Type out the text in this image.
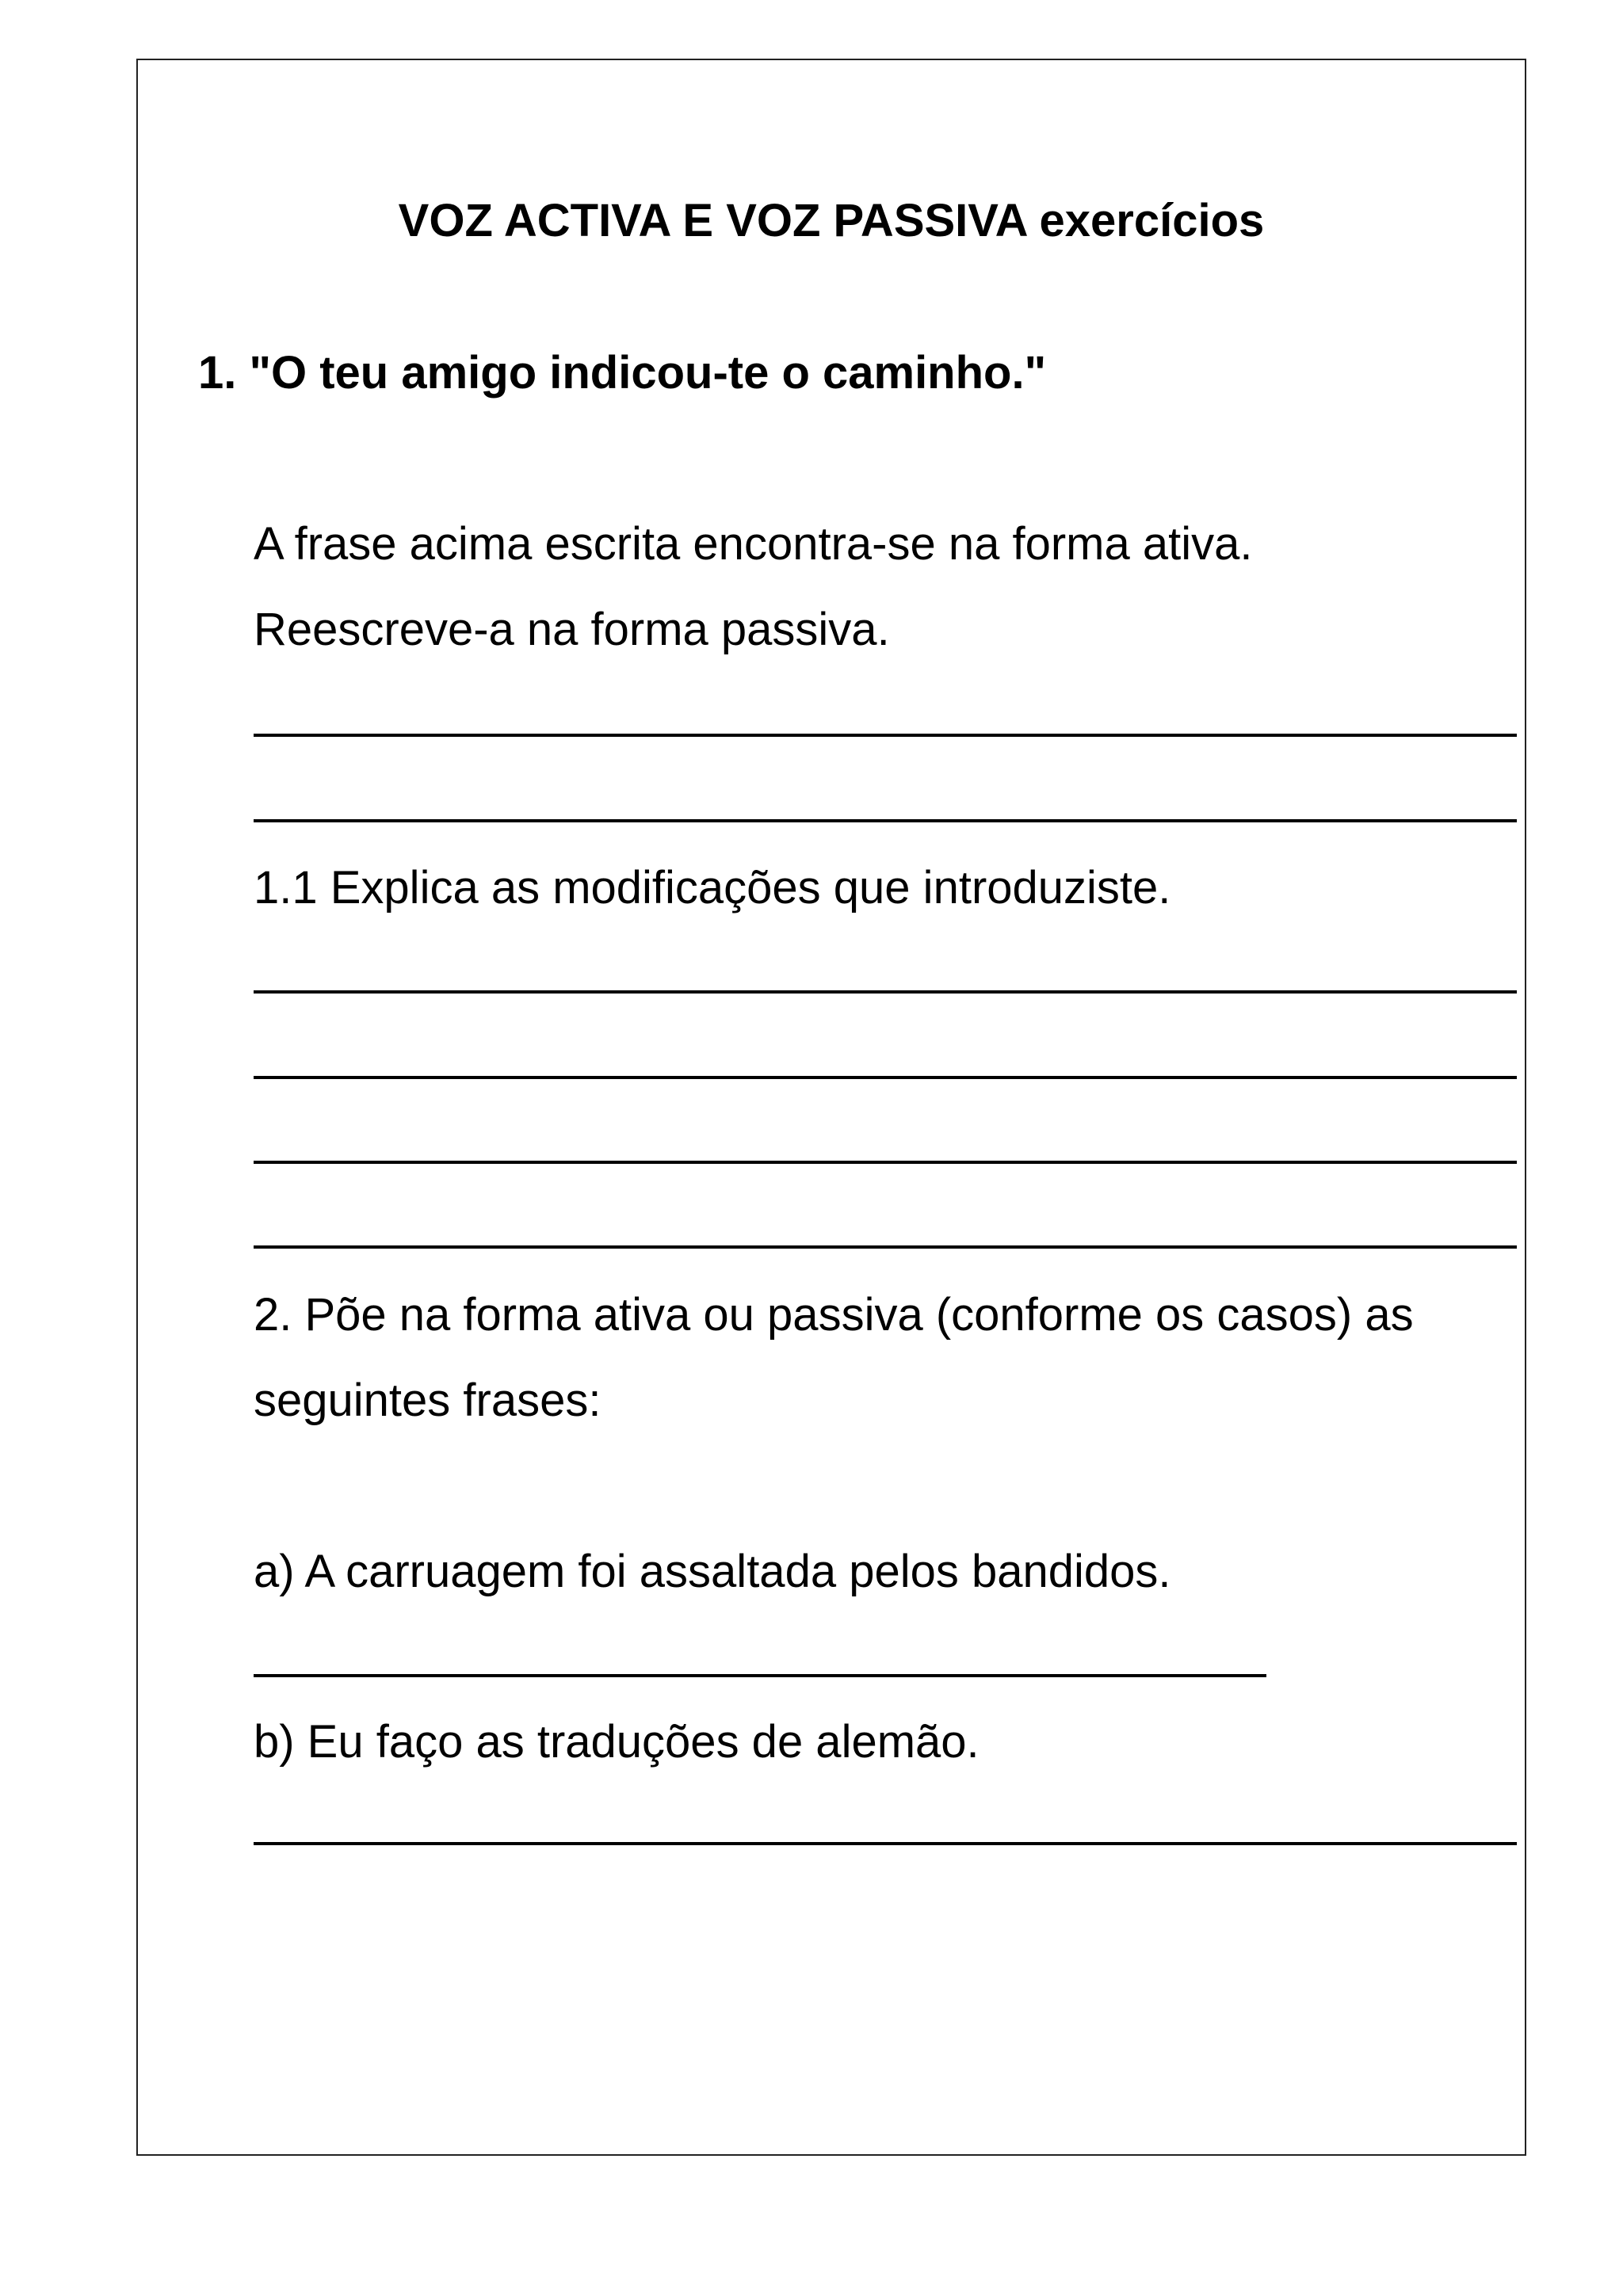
VOZ ACTIVA E VOZ PASSIVA exercícios
1. "O teu amigo indicou-te o caminho."
A frase acima escrita encontra-se na forma ativa.
Reescreve-a na forma passiva.
1.1 Explica as modificações que introduziste.
2. Põe na forma ativa ou passiva (conforme os casos) as
seguintes frases:
a) A carruagem foi assaltada pelos bandidos.
b) Eu faço as traduções de alemão.
